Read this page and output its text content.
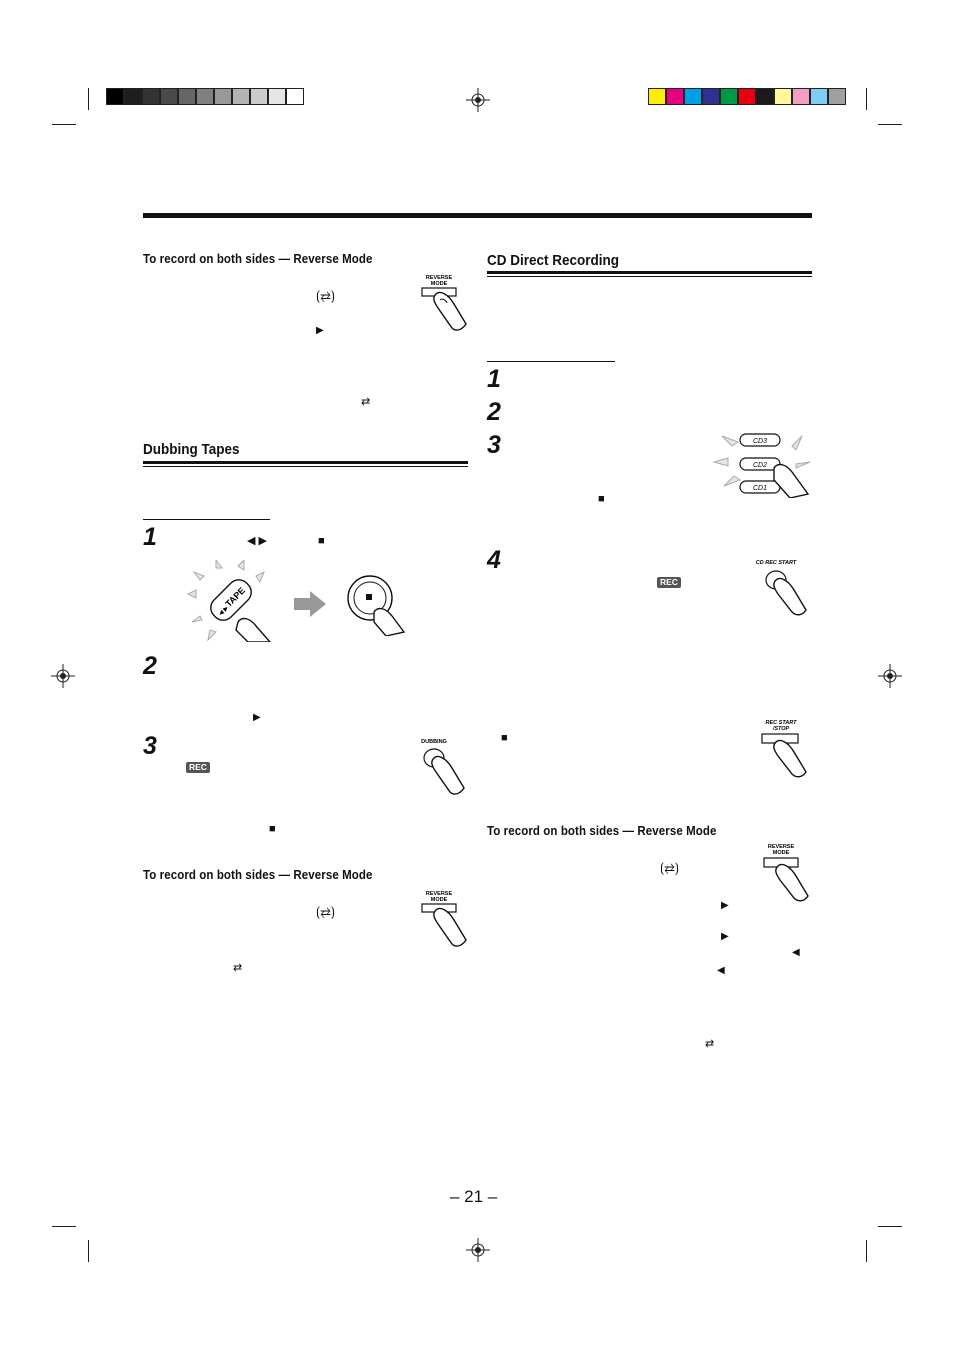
To record on both sides — Reverse Mode
⟮⇄⟯
▶
⇄
REVERSE
MODE
Dubbing Tapes
1	◀ ▶	■
TAPE
◀ ▶
2
▶
3
REC
DUBBING
■
To record on both sides — Reverse Mode
⟮⇄⟯
⇄
REVERSE
MODE
CD Direct Recording
1
2
3	CD3
CD2
CD1
■
4
REC
CD REC START
REC START
/STOP
■
To record on both sides — Reverse Mode
⟮⇄⟯
▶
▶
◀
◀
⇄
REVERSE
MODE
– 21 –
